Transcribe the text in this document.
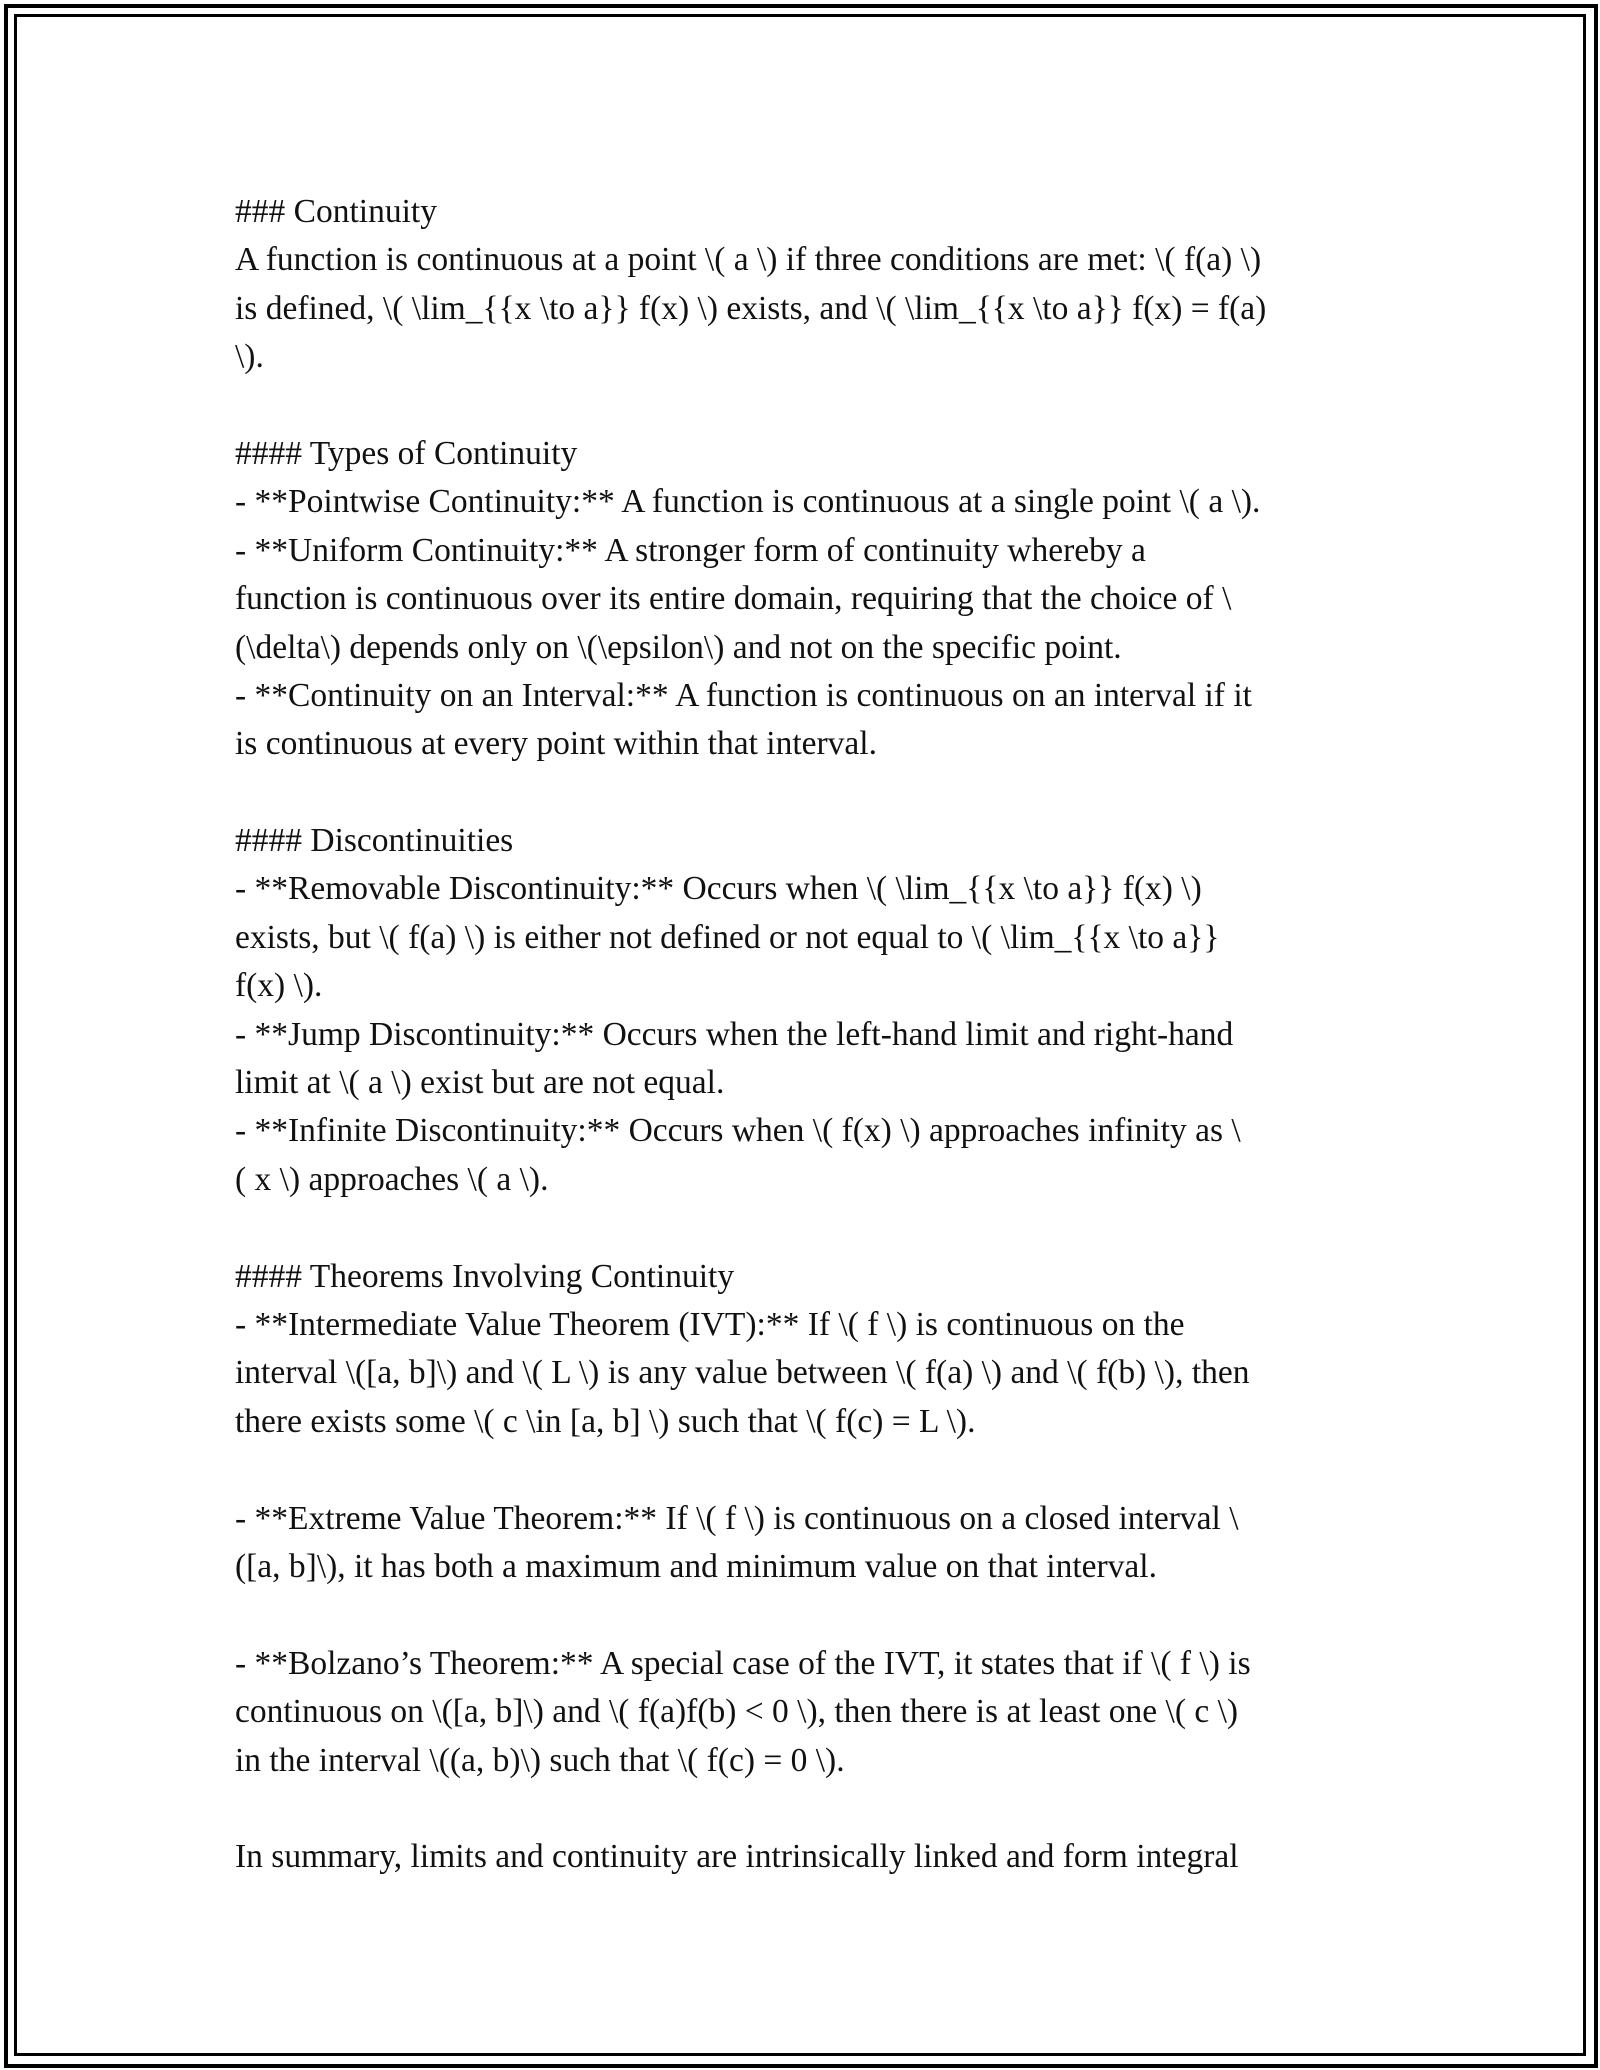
### Continuity
A function is continuous at a point \( a \) if three conditions are met: \( f(a) \)
is defined, \( \lim_{{x \to a}} f(x) \) exists, and \( \lim_{{x \to a}} f(x) = f(a)
\).
#### Types of Continuity
- **Pointwise Continuity:** A function is continuous at a single point \( a \).
- **Uniform Continuity:** A stronger form of continuity whereby a
function is continuous over its entire domain, requiring that the choice of \
(\delta\) depends only on \(\epsilon\) and not on the specific point.
- **Continuity on an Interval:** A function is continuous on an interval if it
is continuous at every point within that interval.
#### Discontinuities
- **Removable Discontinuity:** Occurs when \( \lim_{{x \to a}} f(x) \)
exists, but \( f(a) \) is either not defined or not equal to \( \lim_{{x \to a}}
f(x) \).
- **Jump Discontinuity:** Occurs when the left-hand limit and right-hand
limit at \( a \) exist but are not equal.
- **Infinite Discontinuity:** Occurs when \( f(x) \) approaches infinity as \
( x \) approaches \( a \).
#### Theorems Involving Continuity
- **Intermediate Value Theorem (IVT):** If \( f \) is continuous on the
interval \([a, b]\) and \( L \) is any value between \( f(a) \) and \( f(b) \), then
there exists some \( c \in [a, b] \) such that \( f(c) = L \).
- **Extreme Value Theorem:** If \( f \) is continuous on a closed interval \
([a, b]\), it has both a maximum and minimum value on that interval.
- **Bolzano’s Theorem:** A special case of the IVT, it states that if \( f \) is
continuous on \([a, b]\) and \( f(a)f(b) < 0 \), then there is at least one \( c \)
in the interval \((a, b)\) such that \( f(c) = 0 \).
In summary, limits and continuity are intrinsically linked and form integral
